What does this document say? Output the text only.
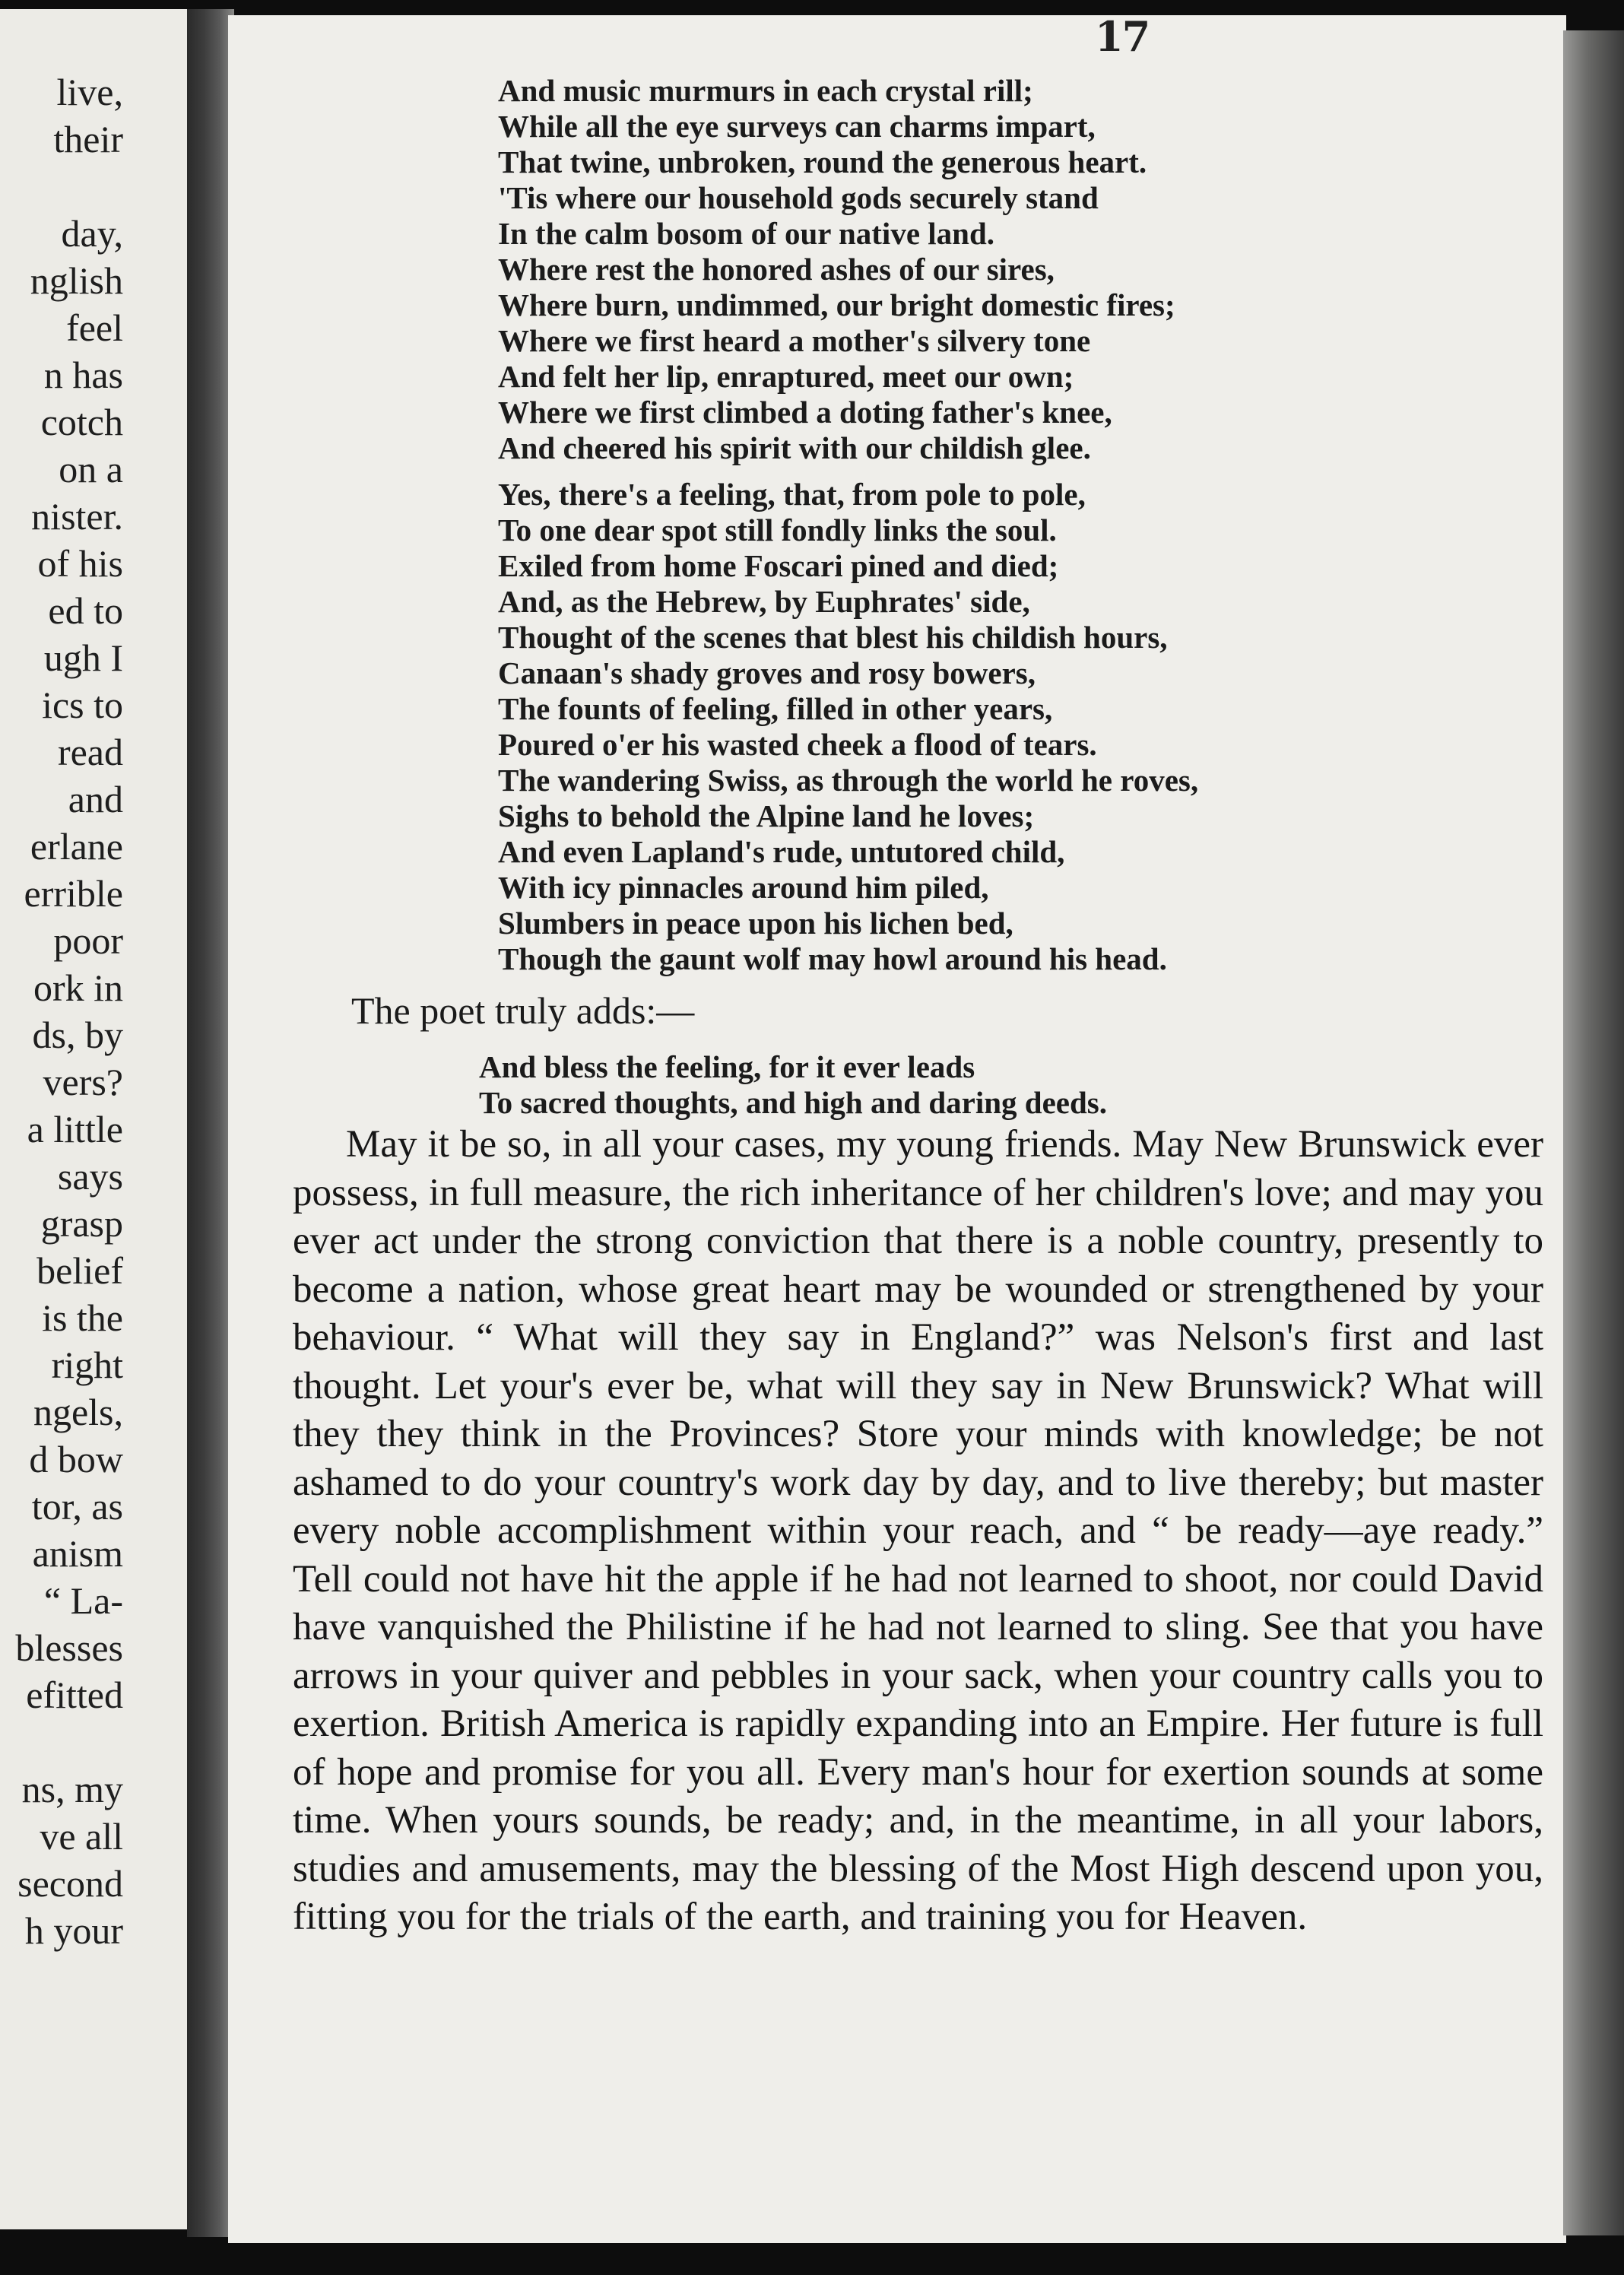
live,
their
day,
nglish
feel
n has
cotch
on a
nister.
of his
ed to
ugh I
ics to
read
and
erlane
errible
poor
ork in
ds, by
vers?
a little
says
grasp
belief
is the
right
ngels,
d bow
tor, as
anism
“ La-
blesses
efitted
ns, my
ve all
second
h your
17
And music murmurs in each crystal rill;
While all the eye surveys can charms impart,
That twine, unbroken, round the generous heart.
'Tis where our household gods securely stand
In the calm bosom of our native land.
Where rest the honored ashes of our sires,
Where burn, undimmed, our bright domestic fires;
Where we first heard a mother's silvery tone
And felt her lip, enraptured, meet our own;
Where we first climbed a doting father's knee,
And cheered his spirit with our childish glee.
Yes, there's a feeling, that, from pole to pole,
To one dear spot still fondly links the soul.
Exiled from home Foscari pined and died;
And, as the Hebrew, by Euphrates' side,
Thought of the scenes that blest his childish hours,
Canaan's shady groves and rosy bowers,
The founts of feeling, filled in other years,
Poured o'er his wasted cheek a flood of tears.
The wandering Swiss, as through the world he roves,
Sighs to behold the Alpine land he loves;
And even Lapland's rude, untutored child,
With icy pinnacles around him piled,
Slumbers in peace upon his lichen bed,
Though the gaunt wolf may howl around his head.
The poet truly adds:—
And bless the feeling, for it ever leads
To sacred thoughts, and high and daring deeds.
May it be so, in all your cases, my young friends. May New Brunswick ever possess, in full measure, the rich inheritance of her children's love; and may you ever act under the strong conviction that there is a noble country, presently to become a nation, whose great heart may be wounded or strengthened by your behaviour. “ What will they say in England?” was Nelson's first and last thought. Let your's ever be, what will they say in New Brunswick? What will they they think in the Provinces? Store your minds with knowledge; be not ashamed to do your country's work day by day, and to live thereby; but master every noble accomplishment within your reach, and “ be ready—aye ready.” Tell could not have hit the apple if he had not learned to shoot, nor could David have vanquished the Philistine if he had not learned to sling. See that you have arrows in your quiver and pebbles in your sack, when your country calls you to exertion. British America is rapidly expanding into an Empire. Her future is full of hope and promise for you all. Every man's hour for exertion sounds at some time. When yours sounds, be ready; and, in the meantime, in all your labors, studies and amusements, may the blessing of the Most High descend upon you, fitting you for the trials of the earth, and training you for Heaven.
